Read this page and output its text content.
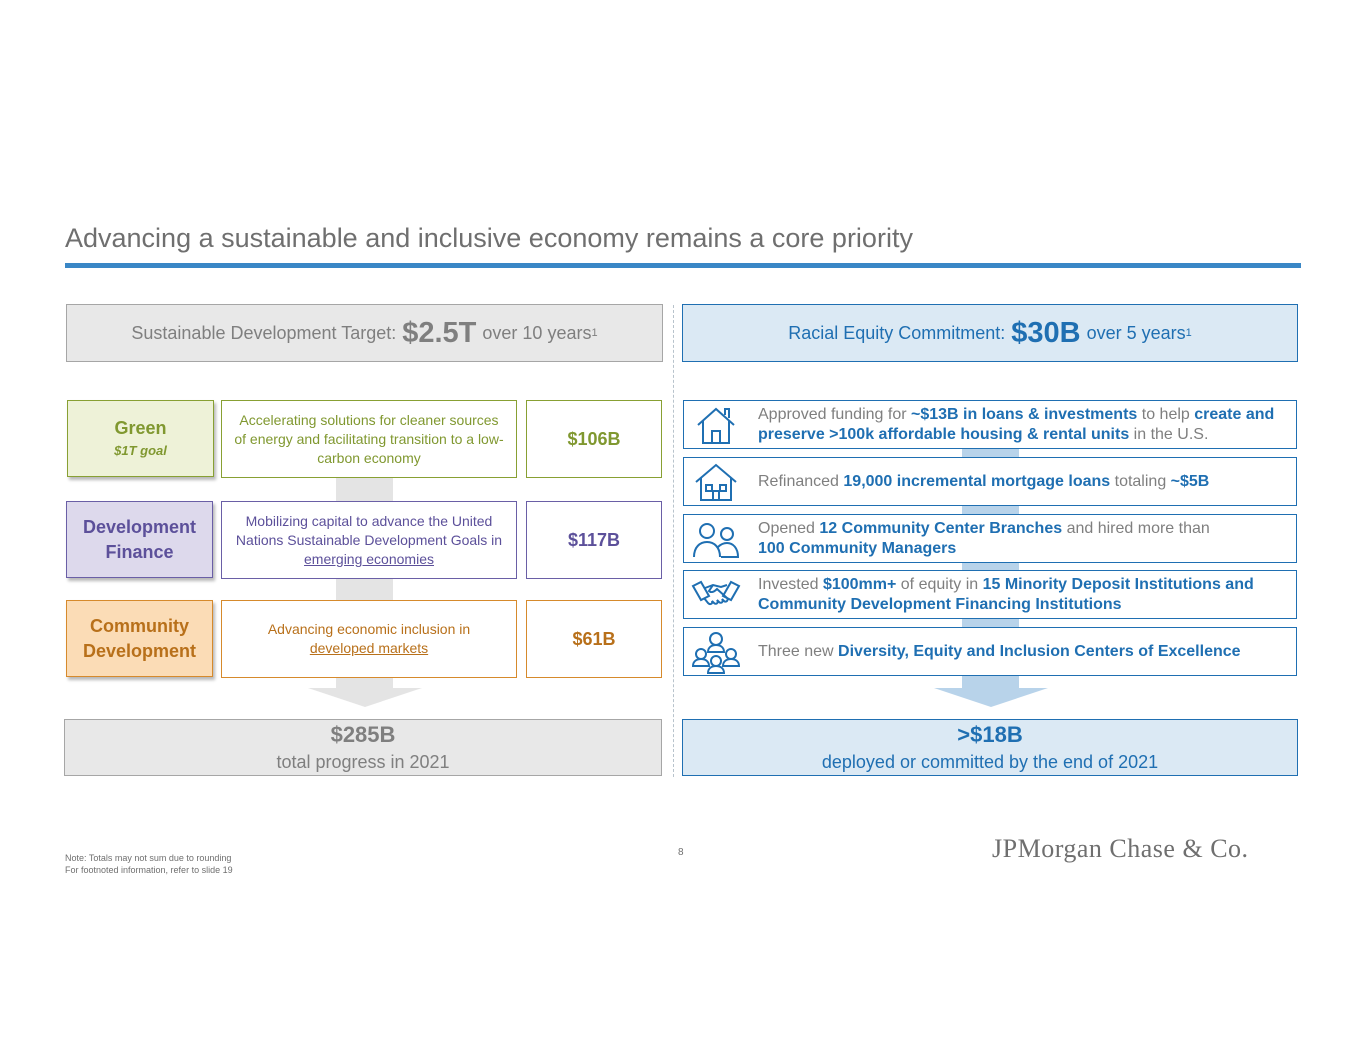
Advancing a sustainable and inclusive economy remains a core priority
Sustainable Development Target: $2.5T over 10 years 1	Racial Equity Commitment: $30B over 5 years 1
Green
$1T goal
Accelerating solutions for cleaner sources of energy and facilitating transition to a low-carbon economy
$106B
Development
Finance
Mobilizing capital to advance the United Nations Sustainable Development Goals in emerging economies
$117B
Community
Development
Advancing economic inclusion in
developed markets	$61B
Approved funding for ~$13B in loans & investments to help create and preserve >100k affordable housing & rental units in the U.S.
Refinanced 19,000 incremental mortgage loans totaling ~$5B
Opened 12 Community Center Branches and hired more than
100 Community Managers
Invested $100mm+ of equity in 15 Minority Deposit Institutions and Community Development Financing Institutions
Three new Diversity, Equity and Inclusion Centers of Excellence
$285B
total progress in 2021
>$18B
deployed or committed by the end of 2021
Note: Totals may not sum due to rounding
For footnoted information, refer to slide 19
8	JPMorgan Chase & Co.
